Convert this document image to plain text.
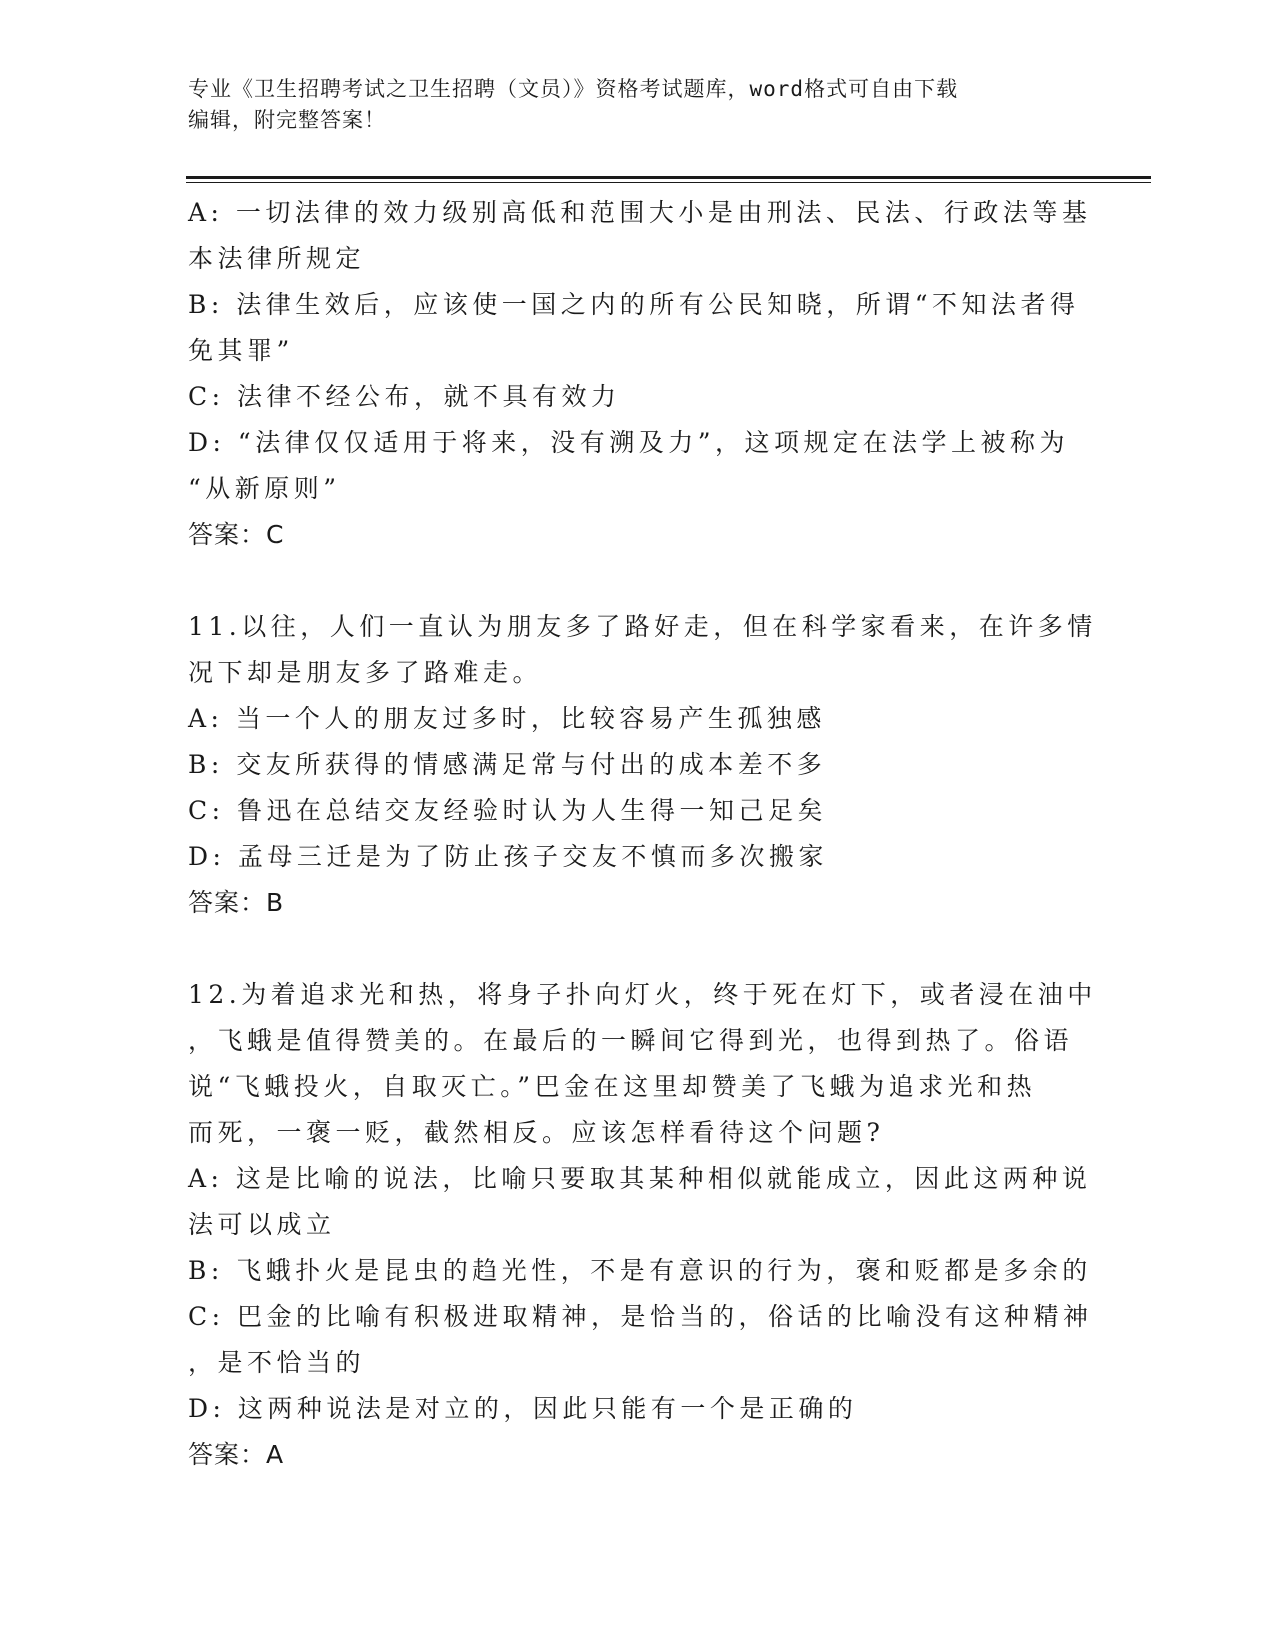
专业《卫生招聘考试之卫生招聘（文员）》资格考试题库，word格式可自由下载
编辑，附完整答案！
A: 一切法律的效力级别高低和范围大小是由刑法、民法、行政法等基
本法律所规定
B: 法律生效后，应该使一国之内的所有公民知晓，所谓“不知法者得
免其罪”
C: 法律不经公布，就不具有效力
D: “法律仅仅适用于将来，没有溯及力”，这项规定在法学上被称为
“从新原则”
答案：C
11.以往，人们一直认为朋友多了路好走，但在科学家看来，在许多情
况下却是朋友多了路难走。
A: 当一个人的朋友过多时，比较容易产生孤独感
B: 交友所获得的情感满足常与付出的成本差不多
C: 鲁迅在总结交友经验时认为人生得一知己足矣
D: 孟母三迁是为了防止孩子交友不慎而多次搬家
答案：B
12.为着追求光和热，将身子扑向灯火，终于死在灯下，或者浸在油中
，飞蛾是值得赞美的。在最后的一瞬间它得到光，也得到热了。俗语
说“飞蛾投火，自取灭亡。”巴金在这里却赞美了飞蛾为追求光和热
而死，一褒一贬，截然相反。应该怎样看待这个问题?
A: 这是比喻的说法，比喻只要取其某种相似就能成立，因此这两种说
法可以成立
B: 飞蛾扑火是昆虫的趋光性，不是有意识的行为，褒和贬都是多余的
C: 巴金的比喻有积极进取精神，是恰当的，俗话的比喻没有这种精神
，是不恰当的
D: 这两种说法是对立的，因此只能有一个是正确的
答案：A
